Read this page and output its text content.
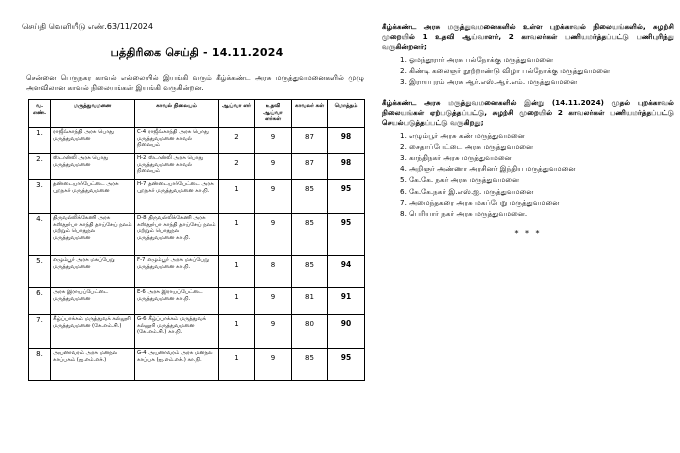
செய்தி வெளியீடு எண்.63/11/2024
பத்திரிகை செய்தி - 14.11.2024
சென்னை பெருநகர காவல் எல்லையில் இயங்கி வரும் கீழ்க்கண்ட அரசு மருத்துவமனைகளில் முழு அளவிலான காவல் நிலையங்கள் இயங்கி வருகின்றன.
வ. எண்.	மருத்துவமனை	காவல் நிலையம்	ஆய்வா ளர்	உதவி ஆய்வா ளர்கள்	காவலர் கள்	மொத்தம்
1.	ராஜீவ்காந்தி அரசு பொது மருத்துவமனை	C-4 ராஜீவ்காந்தி அரசு பொது மருத்துவமனை காவல் நிலையம்	2	9	87	98
2.	ஸ்டான்லி அரசு பொது மருத்துவமனை	H-2 ஸ்டான்லி அரசு பொது மருத்துவமனை காவல் நிலையம்	2	9	87	98
3.	தண்டையார்பேட்டை அரசு புறநகர் மருத்துவமனை	H-7 தண்டையார்பேட்டை அரசு புறநகர் மருத்துவமனை கா.நி.	1	9	85	95
4.	திருவல்லிக்கேணி அரசு கஸ்தூர்பா காந்தி தாய்சேய் நலம் மற்றும் பொதுநல மருத்துவமனை	D-8 திருவல்லிக்கேணி அரசு கஸ்தூர்பா காந்தி தாய்சேய் நலம் மற்றும் பொதுநல மருத்துவமனை கா.நி.	1	9	85	95
5.	எழும்பூர் அரசு மகப்பேறு மருத்துவமனை	F-7 எழும்பூர் அரசு மகப்பேறு மருத்துவமனை கா.நி.	1	8	85	94
6.	அரசு இராயப்பேட்டை மருத்துவமனை	E-6 அரசு இராயப்பேட்டை மருத்துவமனை கா.நி.	1	9	81	91
7.	கீழ்ப்பாக்கம் மருத்துவக் கல்லூரி மருத்துவமனை (கே.எம்.சி.)	G-6 கீழ்ப்பாக்கம் மருத்துவக் கல்லூரி மருத்துவமனை (கே.எம்.சி.) கா.நி.	1	9	80	90
8.	அயனாவரம் அரசு மனநல காப்பகம் (ஐ.எம்.எச்.)	G-4 அயனாவரம் அரசு மனநல காப்பக (ஐ.எம்.எச்.) கா.நி.	1	9	85	95
கீழ்க்கண்ட அரசு மருத்துவமனைகளில் உள்ள புறக்காவல் நிலையங்களில், சுழற்சி முறையில் 1 உதவி ஆய்வாளர், 2 காவலர்கள் பணியமர்த்தப்பட்டு பணிபுரிந்து வருகின்றனர்;
1. ஓமந்தூரார் அரசு பல்நோக்கு மருத்துவமனை
2. கிண்டி கலைஞர் நூற்றாண்டு விழா பல்நோக்கு மருத்துவமனை
3. இராயபுரம் அரசு ஆர்.எஸ்.ஆர்.எம். மருத்துவமனை
கீழ்க்கண்ட அரசு மருத்துவமனைகளில் இன்று (14.11.2024) முதல் புறக்காவல் நிலையங்கள் ஏற்படுத்தப்பட்டு, சுழற்சி முறையில் 2 காவலர்கள் பணியமர்த்தப்பட்டு செயல்படுத்தப்பட்டு வருகிறது;
1. எழும்பூர் அரசு கண் மருத்துவமனை
2. சைதாப்பேட்டை அரசு மருத்துவமனை
3. காந்திநகர் அரசு மருத்துவமனை
4. அறிஞர் அண்ணா அரசினர் இந்திய மருத்துவமனை
5. கே.கே. நகர் அரசு மருத்துவமனை
6. கே.கே.நகர் இ.எஸ்.ஐ. மருத்துவமனை
7. அமைந்தகரை அரசு மகப்பேறு மருத்துவமனை
8. பெரியார் நகர் அரசு மருத்துவமனை.
* * *
